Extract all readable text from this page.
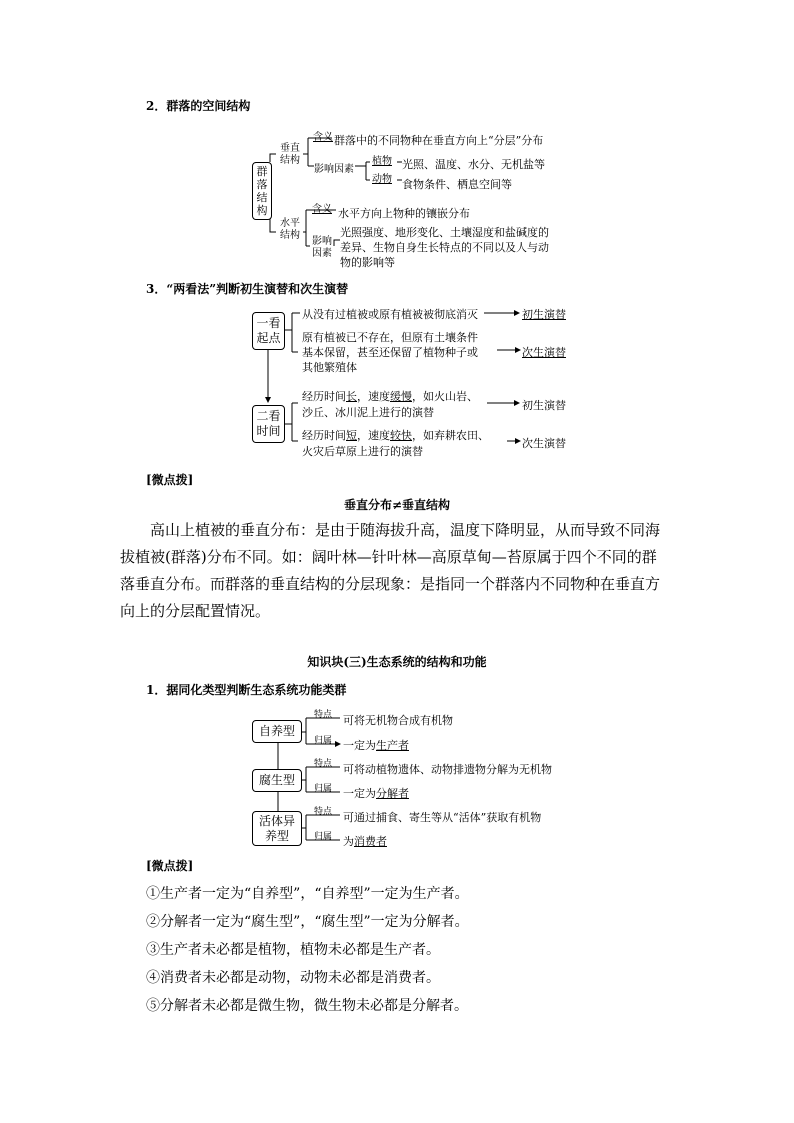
2．群落的空间结构
群落结构
垂直结构
含义 群落中的不同物种在垂直方向上“分层”分布
影响因素
植物 光照、温度、水分、无机盐等
动物 食物条件、栖息空间等
水平结构
含义 水平方向上物种的镶嵌分布
影响因素
光照强度、地形变化、土壤湿度和盐碱度的
差异、生物自身生长特点的不同以及人与动
物的影响等
3．“两看法”判断初生演替和次生演替
一看起点
二看时间
从没有过植被或原有植被被彻底消灭	初生演替
原有植被已不存在，但原有土壤条件
基本保留，甚至还保留了植物种子或
其他繁殖体
次生演替
经历时间长，速度缓慢，如火山岩、
沙丘、冰川泥上进行的演替
初生演替
经历时间短，速度较快，如弃耕农田、
火灾后草原上进行的演替
次生演替
[微点拨]
垂直分布≠垂直结构

高山上植被的垂直分布：是由于随海拔升高，温度下降明显，从而导致不同海拔植被(群落)分布不同。如：阔叶林—针叶林—高原草甸—苔原属于四个不同的群落垂直分布。而群落的垂直结构的分层现象：是指同一个群落内不同物种在垂直方向上的分层配置情况。

知识块(三)生态系统的结构和功能
1．据同化类型判断生态系统功能类群
自养型
特点 可将无机物合成有机物
归属 一定为生产者
腐生型
特点 可将动植物遗体、动物排遗物分解为无机物
归属 一定为分解者
活体异养型
特点 可通过捕食、寄生等从“活体”获取有机物
归属 为消费者
[微点拨]
①生产者一定为“自养型”，“自养型”一定为生产者。
②分解者一定为“腐生型”，“腐生型”一定为分解者。
③生产者未必都是植物，植物未必都是生产者。
④消费者未必都是动物，动物未必都是消费者。
⑤分解者未必都是微生物，微生物未必都是分解者。
